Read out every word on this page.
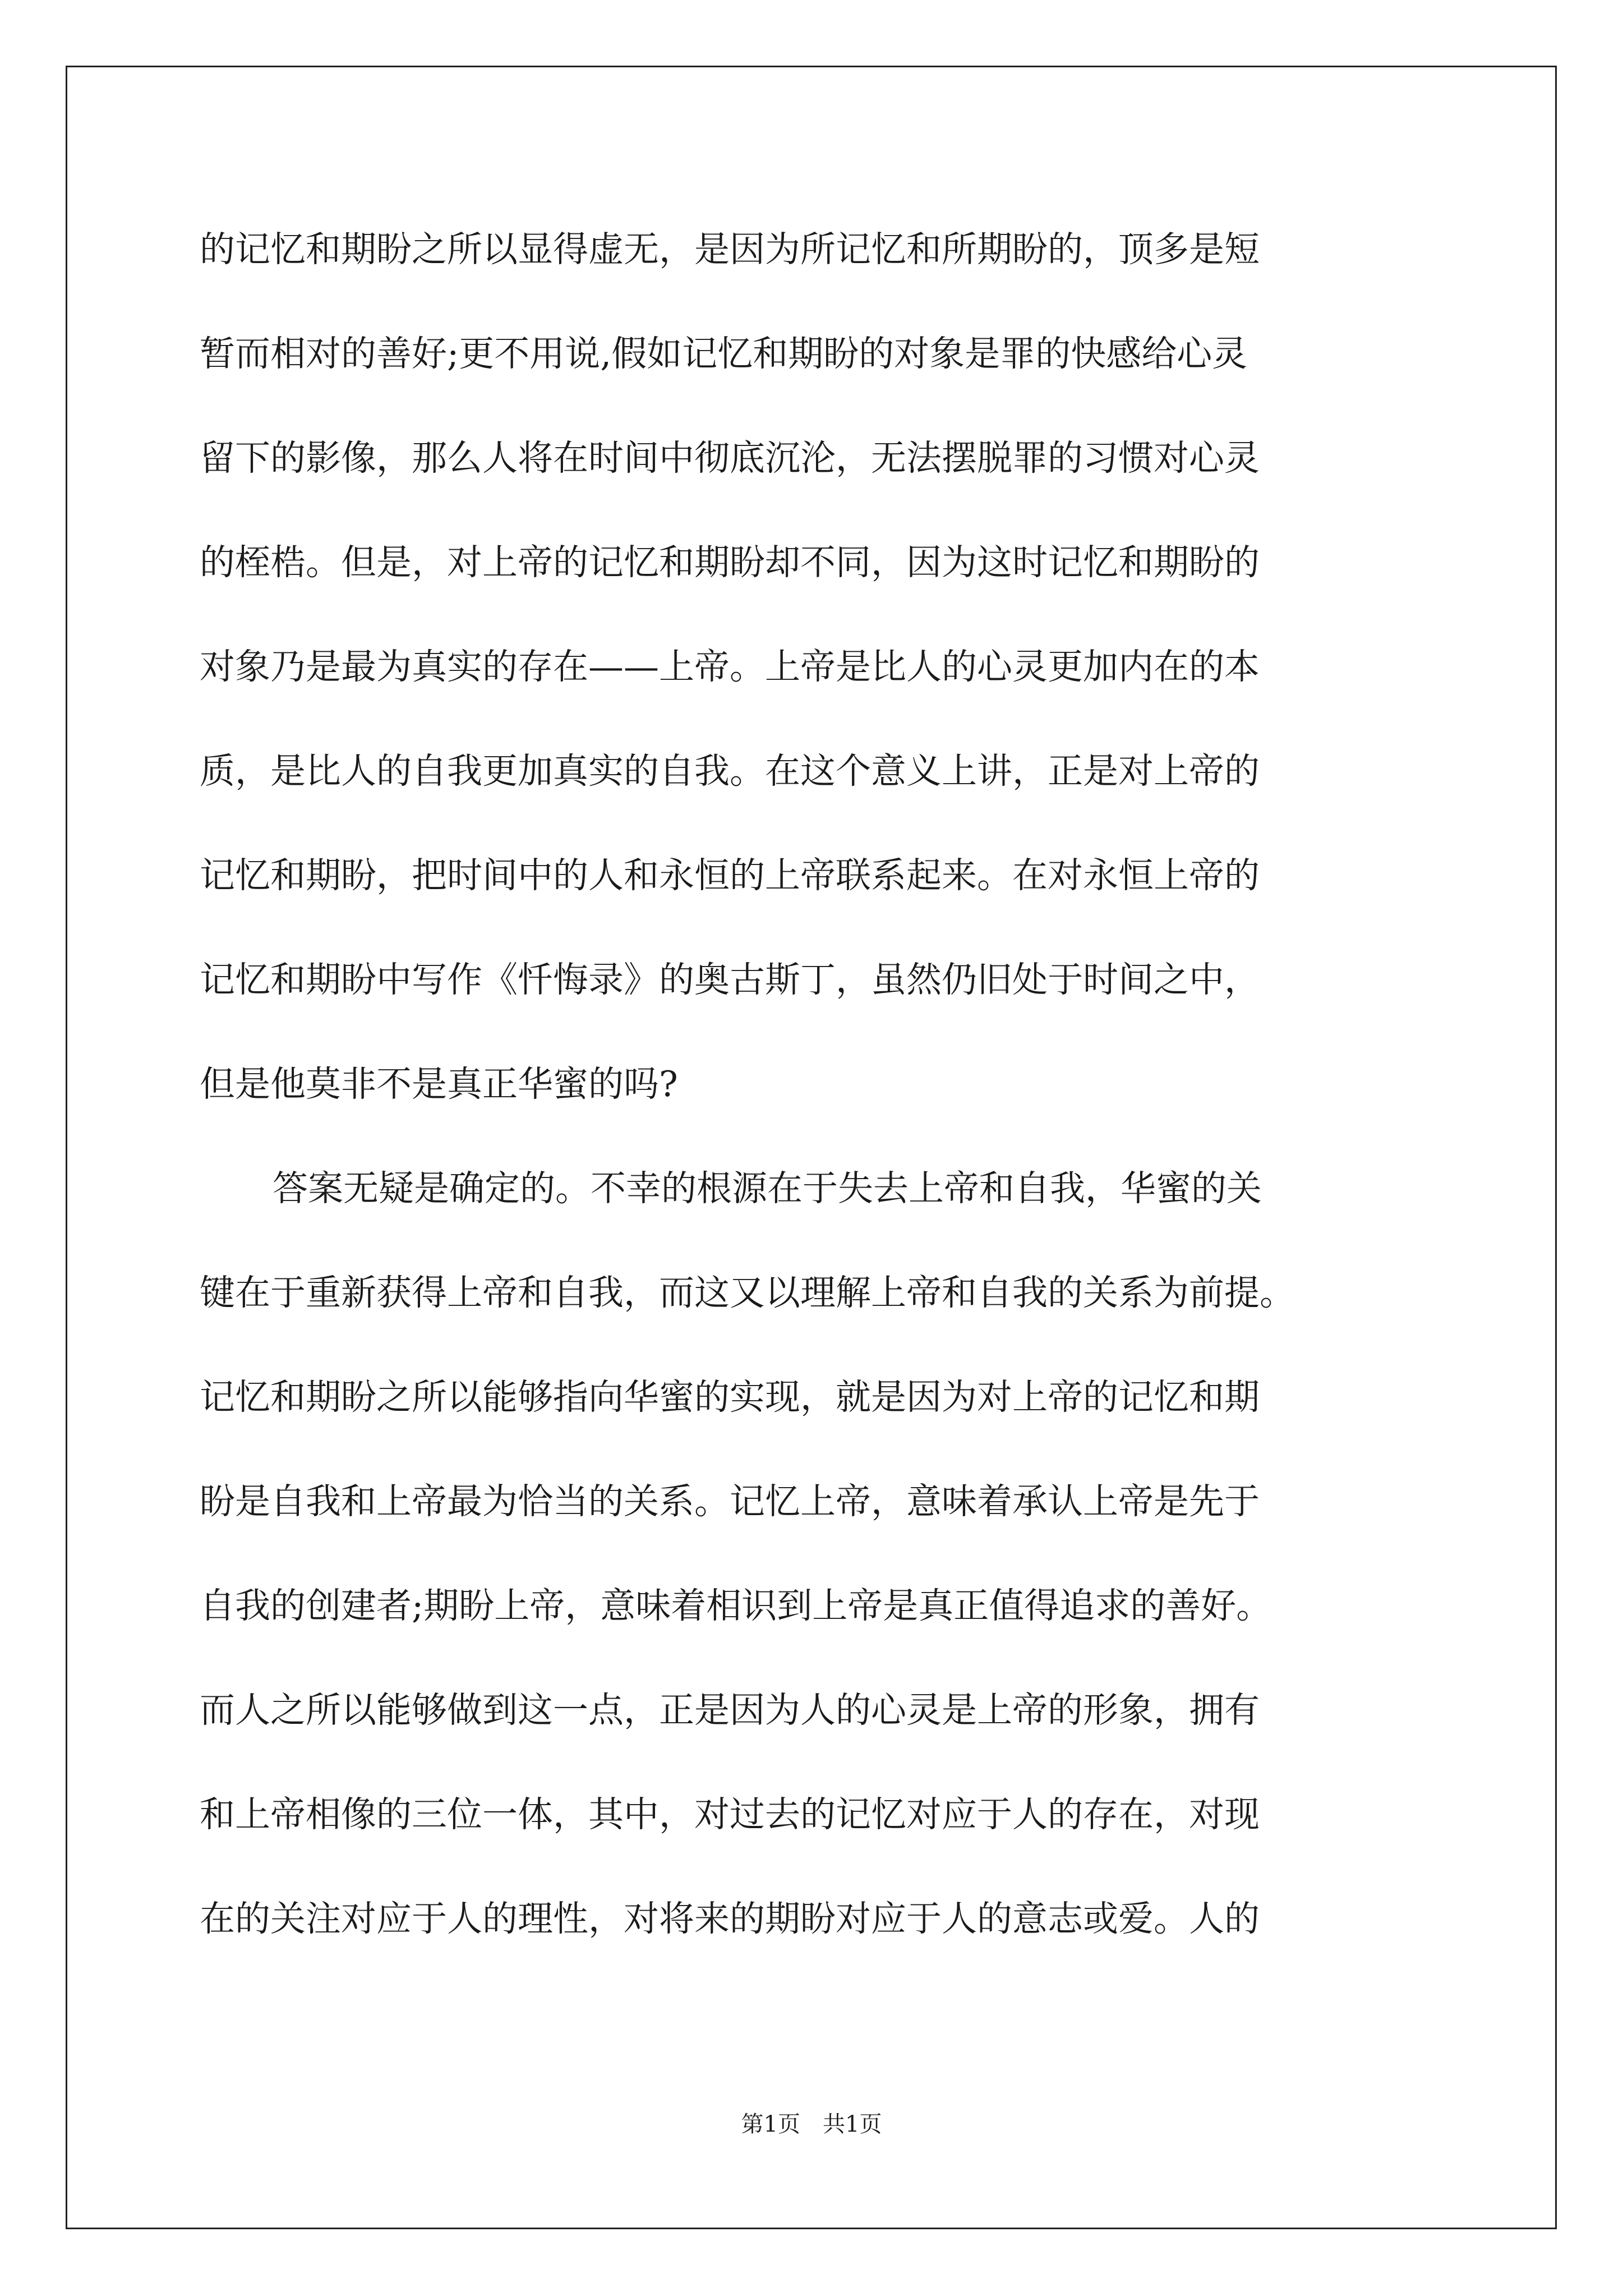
的记忆和期盼之所以显得虚无，是因为所记忆和所期盼的，顶多是短
暂而相对的善好;更不用说,假如记忆和期盼的对象是罪的快感给心灵
留下的影像，那么人将在时间中彻底沉沦，无法摆脱罪的习惯对心灵
的桎梏。但是，对上帝的记忆和期盼却不同，因为这时记忆和期盼的
对象乃是最为真实的存在——上帝。上帝是比人的心灵更加内在的本
质，是比人的自我更加真实的自我。在这个意义上讲，正是对上帝的
记忆和期盼，把时间中的人和永恒的上帝联系起来。在对永恒上帝的
记忆和期盼中写作《忏悔录》的奥古斯丁，虽然仍旧处于时间之中，
但是他莫非不是真正华蜜的吗?
答案无疑是确定的。不幸的根源在于失去上帝和自我，华蜜的关
键在于重新获得上帝和自我，而这又以理解上帝和自我的关系为前提。
记忆和期盼之所以能够指向华蜜的实现，就是因为对上帝的记忆和期
盼是自我和上帝最为恰当的关系。记忆上帝，意味着承认上帝是先于
自我的创建者;期盼上帝，意味着相识到上帝是真正值得追求的善好。
而人之所以能够做到这一点，正是因为人的心灵是上帝的形象，拥有
和上帝相像的三位一体，其中，对过去的记忆对应于人的存在，对现
在的关注对应于人的理性，对将来的期盼对应于人的意志或爱。人的
第1页　共1页
